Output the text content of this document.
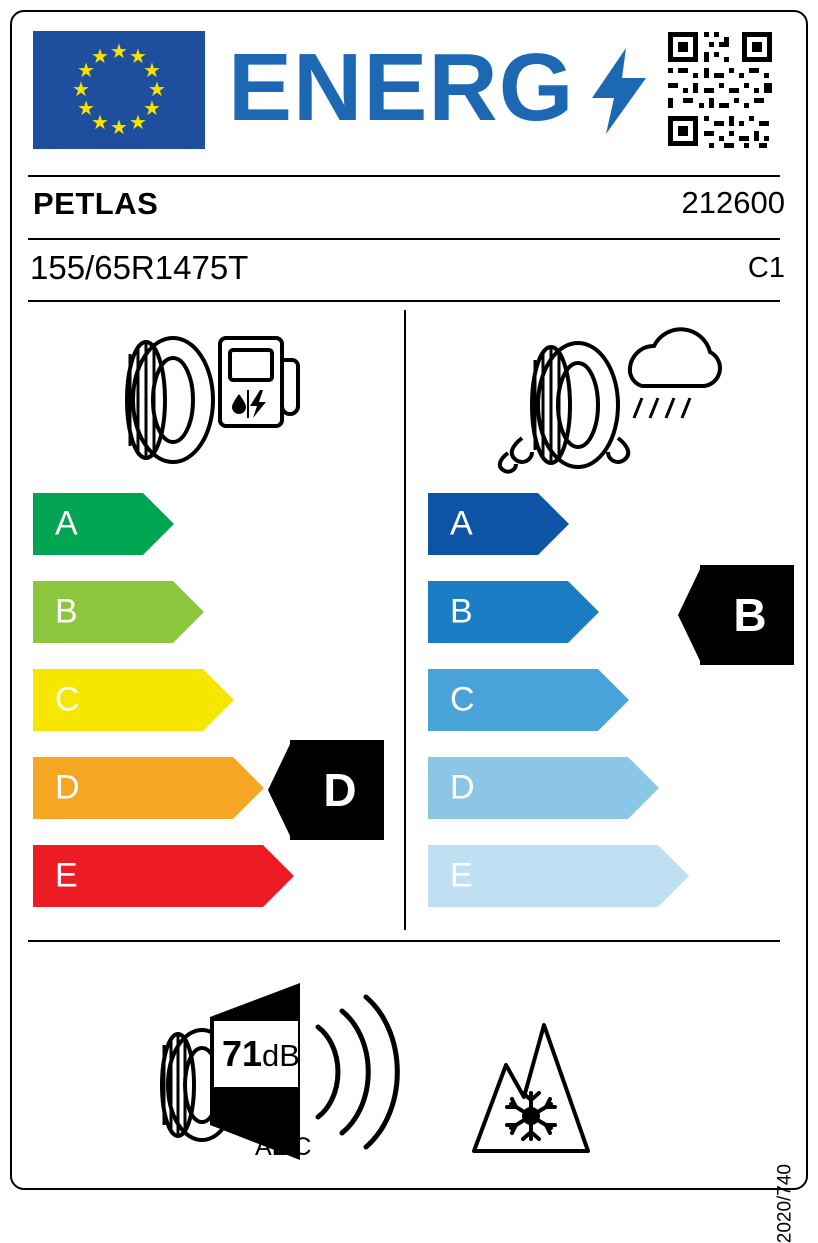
★ ★
★
★
★
★
★
★
★
★
★
★ ENERG
PETLAS	212600
155/65R1475T	C1
A
B
C
D
E
A
B
C
D
E
D
B
71dB
ABC
2020/740
